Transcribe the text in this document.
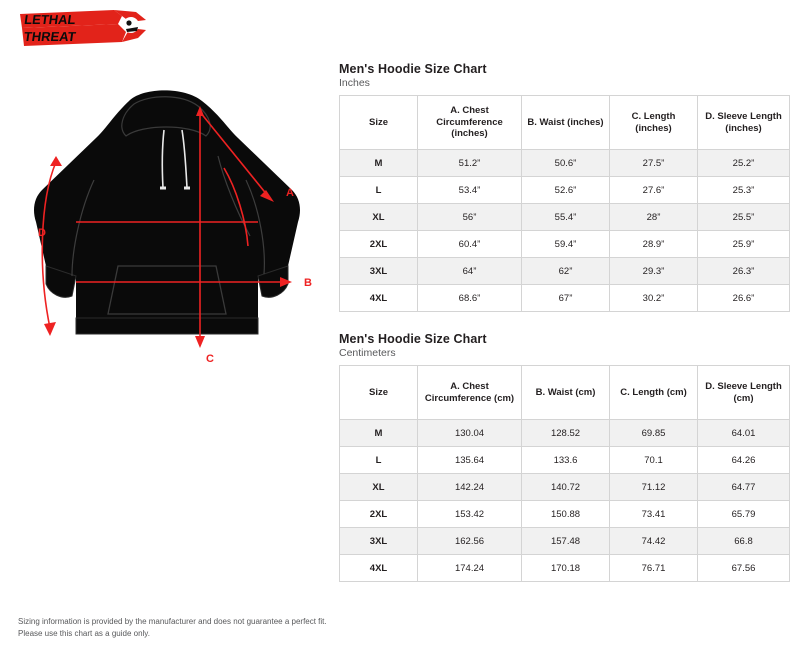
LETHAL
THREAT
A
B
C
D
Men's Hoodie Size Chart
Inches
Size	A. Chest Circumference (inches)	B. Waist (inches)	C. Length (inches)	D. Sleeve Length (inches)
M	51.2”	50.6”	27.5”	25.2”
L	53.4”	52.6”	27.6”	25.3”
XL	56”	55.4”	28”	25.5”
2XL	60.4”	59.4”	28.9”	25.9”
3XL	64”	62”	29.3”	26.3”
4XL	68.6”	67”	30.2”	26.6”
Men's Hoodie Size Chart
Centimeters
Size	A. Chest Circumference (cm)	B. Waist (cm)	C. Length (cm)	D. Sleeve Length (cm)
M	130.04	128.52	69.85	64.01
L	135.64	133.6	70.1	64.26
XL	142.24	140.72	71.12	64.77
2XL	153.42	150.88	73.41	65.79
3XL	162.56	157.48	74.42	66.8
4XL	174.24	170.18	76.71	67.56
Sizing information is provided by the manufacturer and does not guarantee a perfect fit.
Please use this chart as a guide only.
